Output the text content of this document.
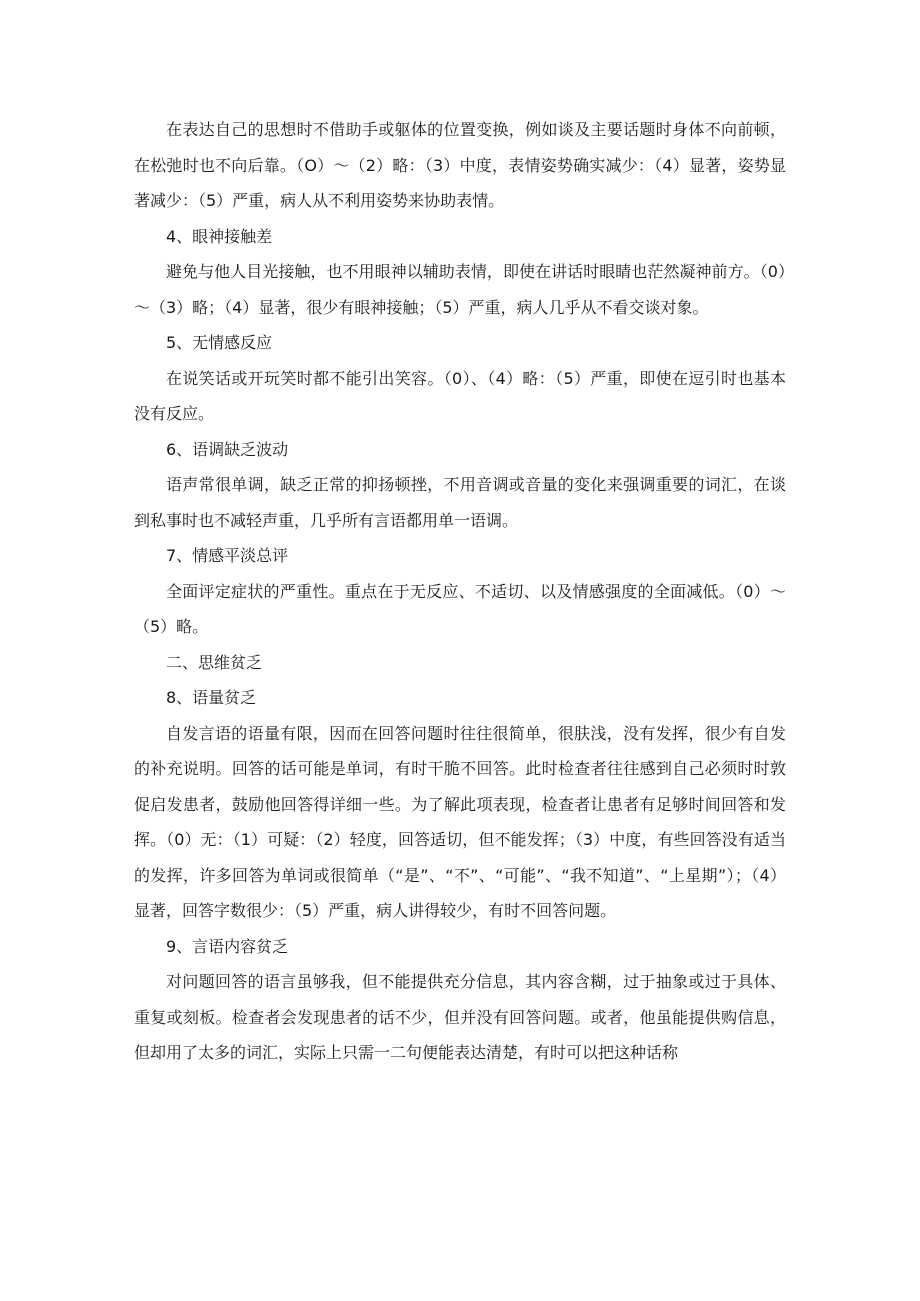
在表达自己的思想时不借助手或躯体的位置变换，例如谈及主要话题时身体不向前顿，在松弛时也不向后靠。（O）～（2）略：（3）中度，表情姿势确实减少：（4）显著，姿势显著减少：（5）严重，病人从不利用姿势来协助表情。

4、眼神接触差

避免与他人目光接触，也不用眼神以辅助表情，即使在讲话时眼睛也茫然凝神前方。（0）～（3）略；（4）显著，很少有眼神接触；（5）严重，病人几乎从不看交谈对象。

5、无情感反应

在说笑话或开玩笑时都不能引出笑容。（0）、（4）略：（5）严重，即使在逗引时也基本没有反应。

6、语调缺乏波动

语声常很单调，缺乏正常的抑扬顿挫，不用音调或音量的变化来强调重要的词汇，在谈到私事时也不减轻声重，几乎所有言语都用单一语调。

7、情感平淡总评

全面评定症状的严重性。重点在于无反应、不适切、以及情感强度的全面减低。（0）～（5）略。

二、思维贫乏

8、语量贫乏

自发言语的语量有限，因而在回答问题时往往很简单，很肤浅，没有发挥，很少有自发的补充说明。回答的话可能是单词，有时干脆不回答。此时检查者往往感到自己必须时时敦促启发患者，鼓励他回答得详细一些。为了解此项表现，检查者让患者有足够时间回答和发挥。（0）无：（1）可疑：（2）轻度，回答适切，但不能发挥；（3）中度，有些回答没有适当的发挥，许多回答为单词或很简单（“是”、“不”、“可能”、“我不知道”、“上星期”）；（4）显著，回答字数很少：（5）严重，病人讲得较少，有时不回答问题。

9、言语内容贫乏

对问题回答的语言虽够我，但不能提供充分信息，其内容含糊，过于抽象或过于具体、重复或刻板。检查者会发现患者的话不少，但并没有回答问题。或者，他虽能提供购信息，但却用了太多的词汇，实际上只需一二句便能表达清楚，有时可以把这种话称
